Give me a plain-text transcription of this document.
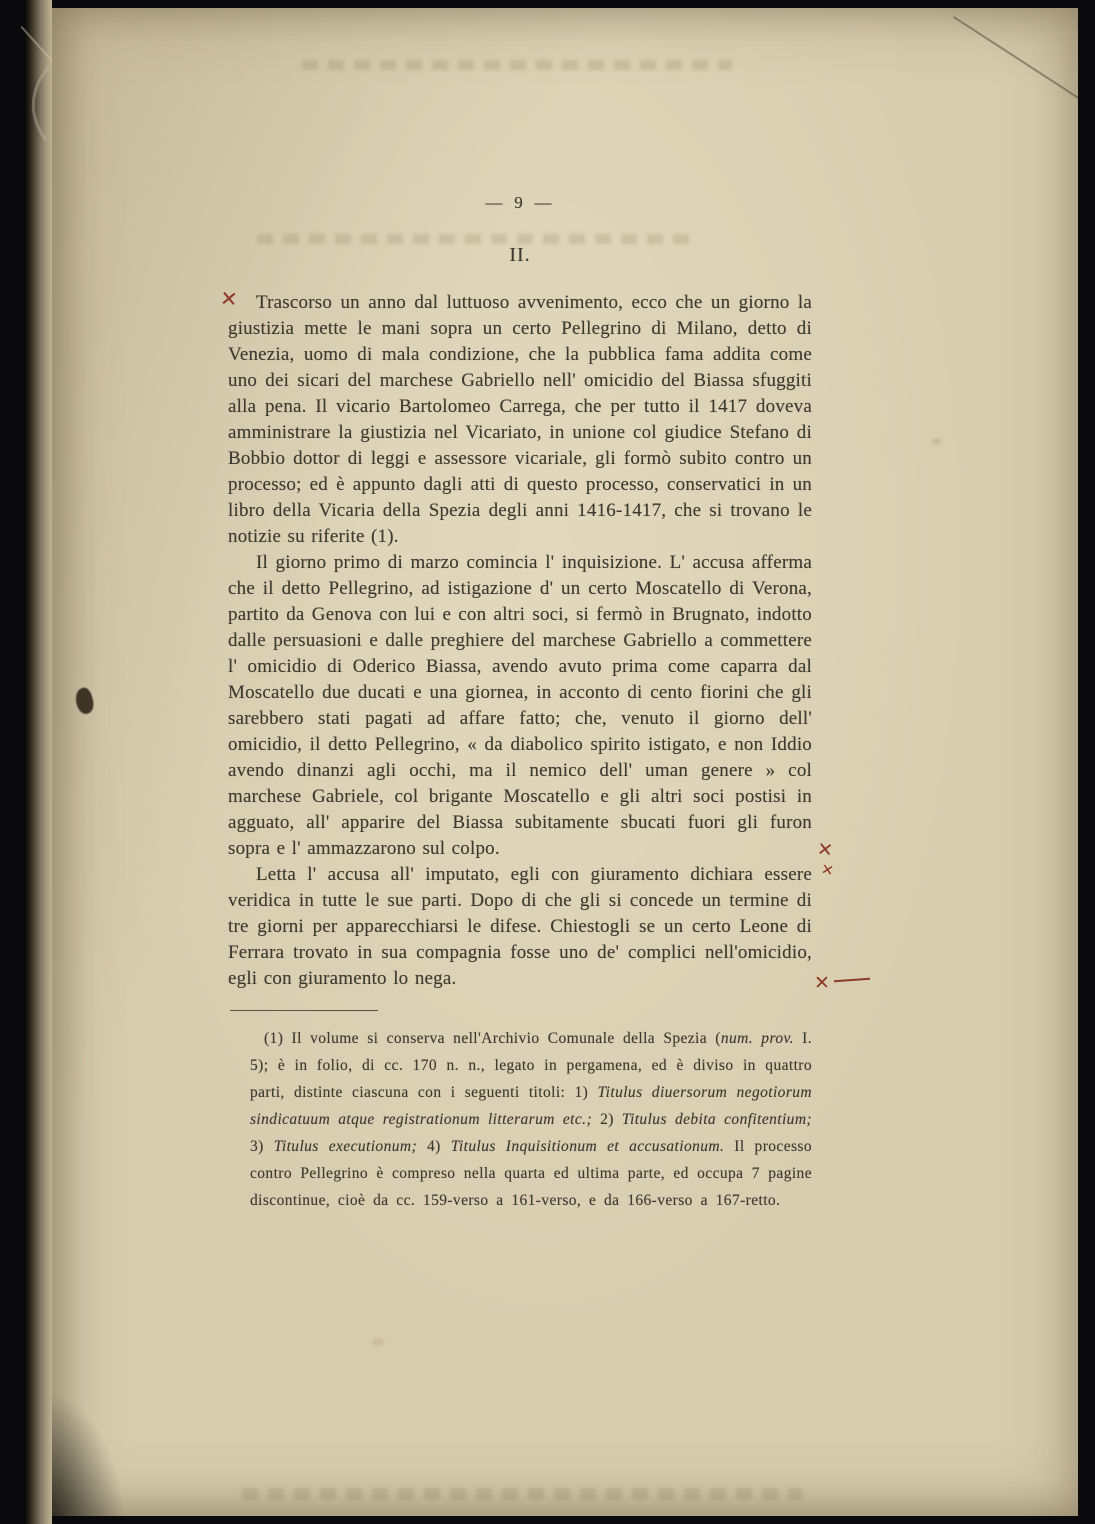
— 9 —
II.

✕ Trascorso un anno dal luttuoso avvenimento, ecco che un giorno la giustizia mette le mani sopra un certo Pellegrino di Milano, detto di Venezia, uomo di mala condizione, che la pubblica fama addita come uno dei sicari del marchese Gabriello nell' omicidio del Biassa sfuggiti alla pena. Il vicario Bartolomeo Carrega, che per tutto il 1417 doveva amministrare la giustizia nel Vicariato, in unione col giudice Stefano di Bobbio dottor di leggi e assessore vicariale, gli formò subito contro un processo; ed è appunto dagli atti di questo processo, conservatici in un libro della Vicaria della Spezia degli anni 1416-1417, che si trovano le notizie su riferite (1).

Il giorno primo di marzo comincia l' inquisizione. L' accusa afferma che il detto Pellegrino, ad istigazione d' un certo Moscatello di Verona, partito da Genova con lui e con altri soci, si fermò in Brugnato, indotto dalle persuasioni e dalle preghiere del marchese Gabriello a commettere l' omicidio di Oderico Biassa, avendo avuto prima come caparra dal Moscatello due ducati e una giornea, in acconto di cento fiorini che gli sarebbero stati pagati ad affare fatto; che, venuto il giorno dell' omicidio, il detto Pellegrino, « da diabolico spirito istigato, e non Iddio avendo dinanzi agli occhi, ma il nemico dell' uman genere » col marchese Gabriele, col brigante Moscatello e gli altri soci postisi in agguato, all' apparire del Biassa subitamente sbucati fuori gli furon sopra e l' ammazzarono sul colpo.	✕

Letta l' accusa all' imputato, egli con giuramento dichiara essere veridica in tutte le sue parti. Dopo di che gli si concede un termine di tre giorni per apparecchiarsi le difese. Chiestogli se un certo Leone di Ferrara trovato in sua compagnia fosse uno de' complici nell'omicidio, egli con giuramento lo nega.
✕
✕

(1) Il volume si conserva nell'Archivio Comunale della Spezia (num. prov. I. 5); è in folio, di cc. 170 n. n., legato in pergamena, ed è diviso in quattro parti, distinte ciascuna con i seguenti titoli: 1) Titulus diuersorum negotiorum sindicatuum atque registrationum litterarum etc.; 2) Titulus debita confitentium; 3) Titulus executionum; 4) Titulus Inquisitionum et accusationum. Il processo contro Pellegrino è compreso nella quarta ed ultima parte, ed occupa 7 pagine discontinue, cioè da cc. 159-verso a 161-verso, e da 166-verso a 167-retto.
